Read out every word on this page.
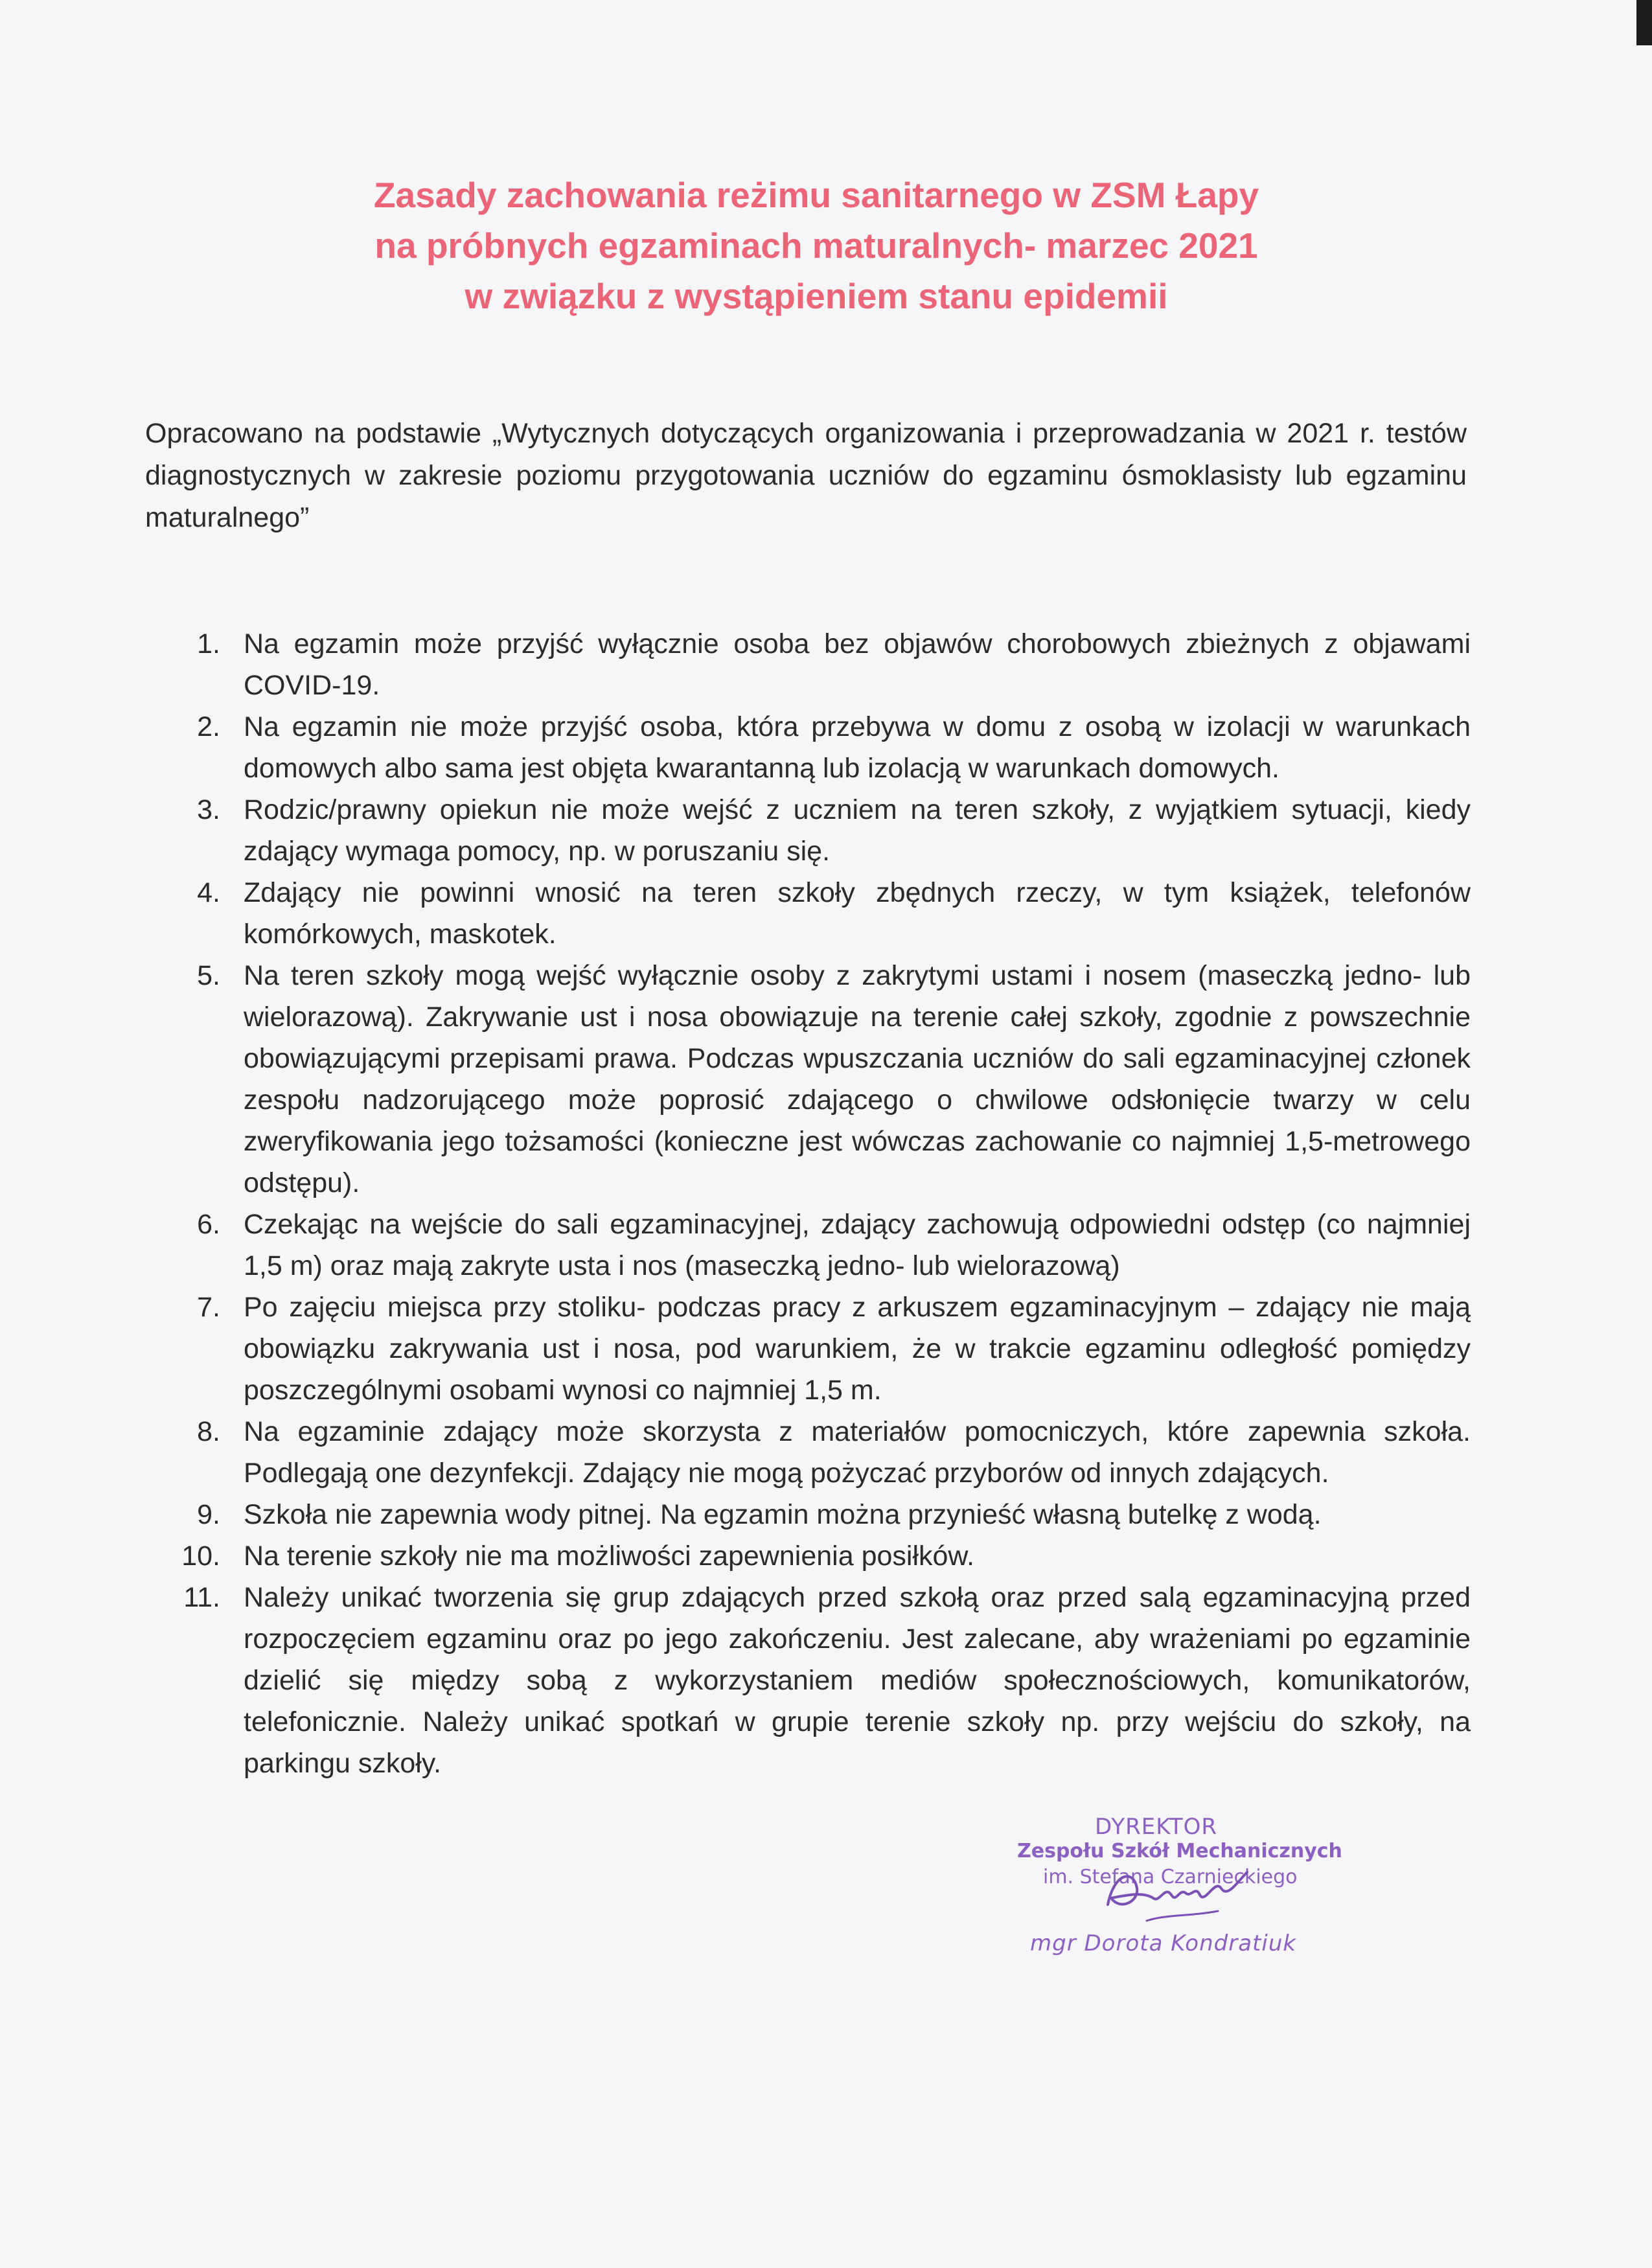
Zasady zachowania reżimu sanitarnego w ZSM Łapy
na próbnych egzaminach maturalnych- marzec 2021
w związku z wystąpieniem stanu epidemii

Opracowano na podstawie „Wytycznych dotyczących organizowania i przeprowadzania w 2021 r. testów diagnostycznych w zakresie poziomu przygotowania uczniów do egzaminu ósmoklasisty lub egzaminu maturalnego”

1. Na egzamin może przyjść wyłącznie osoba bez objawów chorobowych zbieżnych z objawami COVID-19.
2. Na egzamin nie może przyjść osoba, która przebywa w domu z osobą w izolacji w warunkach domowych albo sama jest objęta kwarantanną lub izolacją w warunkach domowych.
3. Rodzic/prawny opiekun nie może wejść z uczniem na teren szkoły, z wyjątkiem sytuacji, kiedy zdający wymaga pomocy, np. w poruszaniu się.
4. Zdający nie powinni wnosić na teren szkoły zbędnych rzeczy, w tym książek, telefonów komórkowych, maskotek.
5. Na teren szkoły mogą wejść wyłącznie osoby z zakrytymi ustami i nosem (maseczką jedno- lub wielorazową). Zakrywanie ust i nosa obowiązuje na terenie całej szkoły, zgodnie z powszechnie obowiązującymi przepisami prawa. Podczas wpuszczania uczniów do sali egzaminacyjnej członek zespołu nadzorującego może poprosić zdającego o chwilowe odsłonięcie twarzy w celu zweryfikowania jego tożsamości (konieczne jest wówczas zachowanie co najmniej 1,5-metrowego odstępu).
6. Czekając na wejście do sali egzaminacyjnej, zdający zachowują odpowiedni odstęp (co najmniej 1,5 m) oraz mają zakryte usta i nos (maseczką jedno- lub wielorazową)
7. Po zajęciu miejsca przy stoliku- podczas pracy z arkuszem egzaminacyjnym – zdający nie mają obowiązku zakrywania ust i nosa, pod warunkiem, że w trakcie egzaminu odległość pomiędzy poszczególnymi osobami wynosi co najmniej 1,5 m.
8. Na egzaminie zdający może skorzysta z materiałów pomocniczych, które zapewnia szkoła. Podlegają one dezynfekcji. Zdający nie mogą pożyczać przyborów od innych zdających.
9. Szkoła nie zapewnia wody pitnej. Na egzamin można przynieść własną butelkę z wodą.
10. Na terenie szkoły nie ma możliwości zapewnienia posiłków.
11. Należy unikać tworzenia się grup zdających przed szkołą oraz przed salą egzaminacyjną przed rozpoczęciem egzaminu oraz po jego zakończeniu. Jest zalecane, aby wrażeniami po egzaminie dzielić się między sobą z wykorzystaniem mediów społecznościowych, komunikatorów, telefonicznie. Należy unikać spotkań w grupie terenie szkoły np. przy wejściu do szkoły, na parkingu szkoły.
DYREKTOR
Zespołu Szkół Mechanicznych
im. Stefana Czarnieckiego
mgr Dorota Kondratiuk
